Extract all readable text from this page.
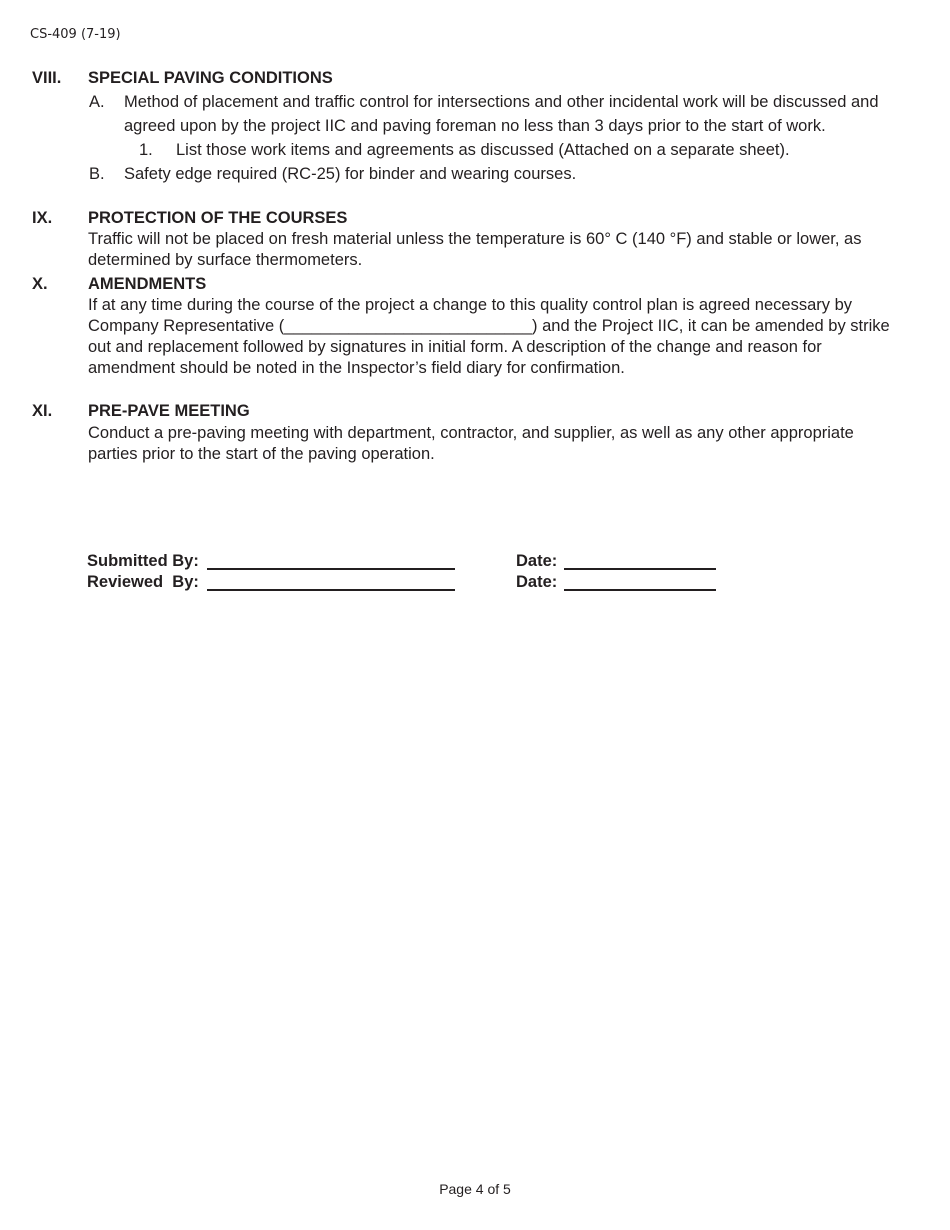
CS-409 (7-19)
VIII. SPECIAL PAVING CONDITIONS
A. Method of placement and traffic control for intersections and other incidental work will be discussed and
agreed upon by the project IIC and paving foreman no less than 3 days prior to the start of work.
1. List those work items and agreements as discussed (Attached on a separate sheet).
B. Safety edge required (RC-25) for binder and wearing courses.
IX. PROTECTION OF THE COURSES
Traffic will not be placed on fresh material unless the temperature is 60° C (140 °F) and stable or lower, as
determined by surface thermometers.
X. AMENDMENTS
If at any time during the course of the project a change to this quality control plan is agreed necessary by
Company Representative (___________________________) and the Project IIC, it can be amended by strike
out and replacement followed by signatures in initial form. A description of the change and reason for
amendment should be noted in the Inspector’s field diary for confirmation.
XI. PRE-PAVE MEETING
Conduct a pre-paving meeting with department, contractor, and supplier, as well as any other appropriate
parties prior to the start of the paving operation.
Submitted By:	Date:
Reviewed  By:	Date:
Page 4 of 5
